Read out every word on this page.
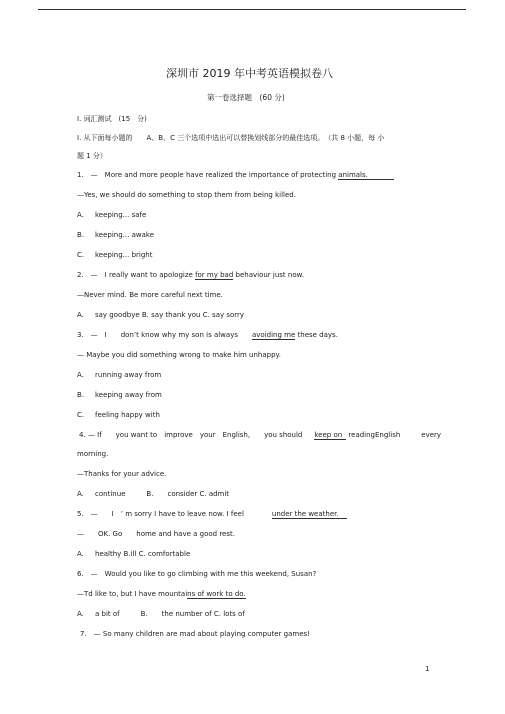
深圳市 2019 年中考英语模拟卷八
第一卷选择题　(60 分)
I. 词汇测试　(15　分)
I. 从下面每小题的　　A、B、C 三个选项中选出可以替换划线部分的最佳选项。　（共 8 小题，每 小
题 1 分）
1.　—　More and more people have realized the importance of protecting animals.
—Yes, we should do something to stop them from being killed.
A. keeping... safe
B. keeping... awake
C. keeping... bright
2.　—　I really want to apologize for my bad behaviour just now.
—Never mind. Be more careful next time.
A. say goodbye B. say thank you C. say sorry
3.　—　I　　don’t know why my son is always avoiding me these days.
— Maybe you did something wrong to make him unhappy.
A. running away from
B. keeping away from
C. feeling happy with
4. — If　　you want to　improve　your　English,　　you should keep on readingEnglish　　　every
morning.
—Thanks for your advice.
A. continue　　　B.　　consider C. admit
5.　—　　I　’ m sorry I have to leave now. I feel	under the weather.
—　　OK. Go　　home and have a good rest.
A. healthy B.ill C. comfortable
6.　—　Would you like to go climbing with me this weekend, Susan?
—Td like to, but I have mountains of work to do.
A. a bit of　　　B.　　the number of C. lots of
7.　— So many children are mad about playing computer games!
1
